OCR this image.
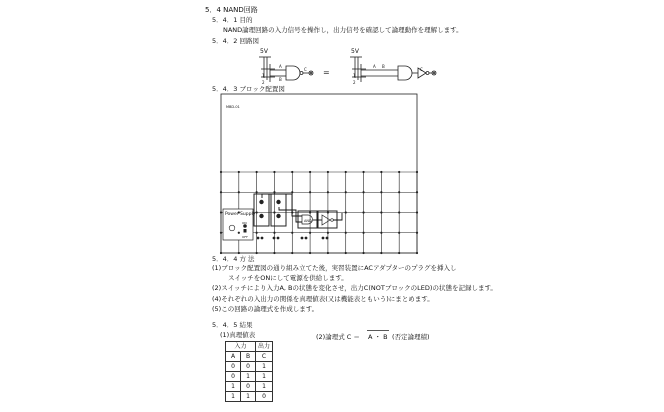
5．4 NAND回路
5．4．1 目的
NAND論理回路の入力信号を操作し，出力信号を確認して論理動作を理解します。
5．4．2 回路図
5V	5V
=
A
B
C
1
2
A B
C
1
2
5．4．3 ブロック配置図
MBD-01
Power Supply
ON
OFF
AND
5．4．4 方 法
(1)ブロック配置図の通り組み立てた後，実習装置にACアダプターのプラグを挿入し
スイッチをONにして電源を供給します。
(2)スイッチにより入力A, Bの状態を変化させ，出力C(NOTブロックのLED)の状態を記録します。
(4)それぞれの入出力の関係を真理値表(又は機能表ともいう)にまとめます。
(5)この回路の論理式を作成します。
5．4．5 結果
(1)真理値表	(2)論理式 C ＝ A ・ B (否定論理積)
入力		出力
A	B	C
0	0	1
0	1	1
1	0	1
1	1	0
